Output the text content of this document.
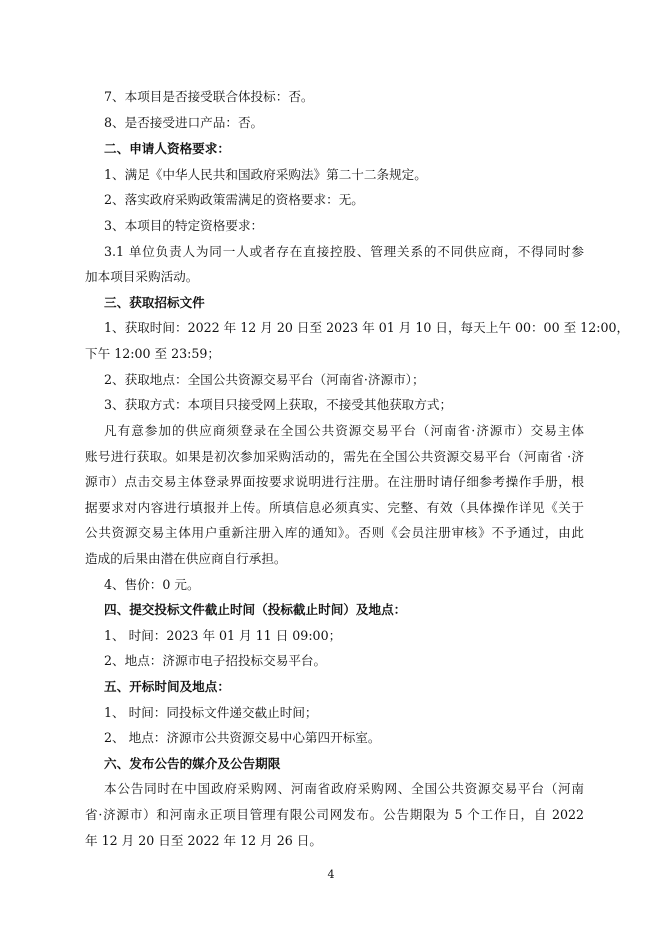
7、本项目是否接受联合体投标：否。
8、是否接受进口产品：否。
二、申请人资格要求：
1、满足《中华人民共和国政府采购法》第二十二条规定。
2、落实政府采购政策需满足的资格要求：无。
3、本项目的特定资格要求：
3.1 单位负责人为同一人或者存在直接控股、管理关系的不同供应商，不得同时参
加本项目采购活动。
三、获取招标文件
1、获取时间：2022 年 12 月 20 日至 2023 年 01 月 10 日，每天上午 00：00 至 12:00，
下午 12:00 至 23:59；
2、获取地点：全国公共资源交易平台（河南省·济源市）；
3、获取方式：本项目只接受网上获取，不接受其他获取方式；
凡有意参加的供应商须登录在全国公共资源交易平台（河南省·济源市）交易主体
账号进行获取。如果是初次参加采购活动的，需先在全国公共资源交易平台（河南省 ·济
源市）点击交易主体登录界面按要求说明进行注册。在注册时请仔细参考操作手册，根
据要求对内容进行填报并上传。所填信息必须真实、完整、有效（具体操作详见《关于
公共资源交易主体用户重新注册入库的通知》。否则《会员注册审核》不予通过，由此
造成的后果由潜在供应商自行承担。
4、售价：0 元。
四、提交投标文件截止时间（投标截止时间）及地点：
1、 时间：2023 年 01 月 11 日 09:00；
2、地点：济源市电子招投标交易平台。
五、开标时间及地点：
1、 时间：同投标文件递交截止时间；
2、 地点：济源市公共资源交易中心第四开标室。
六、发布公告的媒介及公告期限
本公告同时在中国政府采购网、河南省政府采购网、全国公共资源交易平台（河南
省·济源市）和河南永正项目管理有限公司网发布。公告期限为 5 个工作日，自 2022
年 12 月 20 日至 2022 年 12 月 26 日。
4
